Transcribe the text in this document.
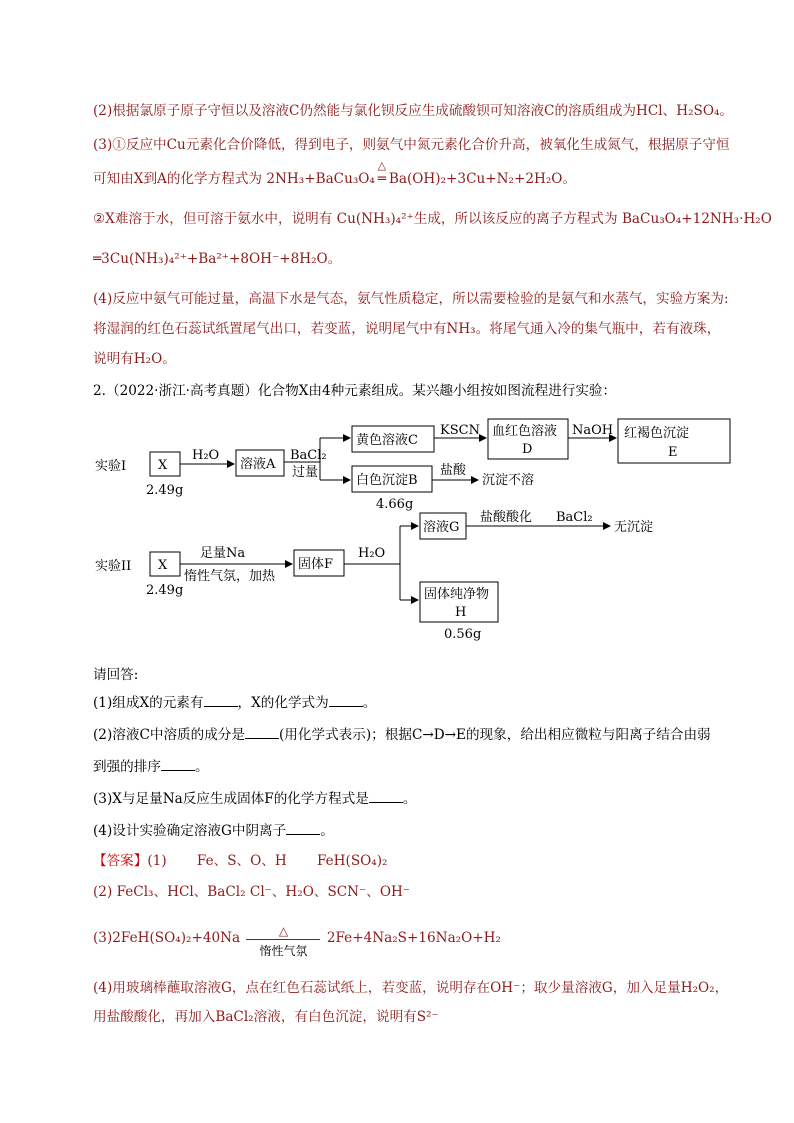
(2)根据氯原子原子守恒以及溶液C仍然能与氯化钡反应生成硫酸钡可知溶液C的溶质组成为HCl、H₂SO₄。
(3)①反应中Cu元素化合价降低，得到电子，则氨气中氮元素化合价升高，被氧化生成氮气，根据原子守恒
可知由X到A的化学方程式为 2NH₃+BaCu₃O₄
△
═ Ba(OH)₂+3Cu+N₂+2H₂O。
②X难溶于水，但可溶于氨水中，说明有 Cu(NH₃)₄²⁺生成，所以该反应的离子方程式为 BaCu₃O₄+12NH₃·H₂O
═3Cu(NH₃)₄²⁺+Ba²⁺+8OH⁻+8H₂O。
(4)反应中氨气可能过量，高温下水是气态，氨气性质稳定，所以需要检验的是氨气和水蒸气，实验方案为:
将湿润的红色石蕊试纸置尾气出口，若变蓝，说明尾气中有NH₃。将尾气通入冷的集气瓶中，若有液珠，
说明有H₂O。
2.（2022·浙江·高考真题）化合物X由4种元素组成。某兴趣小组按如图流程进行实验：
实验I X
2.49g
H₂O
溶液A
BaCl₂
过量
黄色溶液C
KSCN 血红色溶液
D
NaOH 红褐色沉淀
E
白色沉淀B
4.66g
盐酸
沉淀不溶
实验II X
2.49g
足量Na
惰性气氛，加热
固体F
H₂O
溶液G
盐酸酸化 BaCl₂
无沉淀
固体纯净物
H
0.56g
请回答:
(1)组成X的元素有	，X的化学式为	。
(2)溶液C中溶质的成分是	(用化学式表示)；根据C→D→E的现象，给出相应微粒与阳离子结合由弱
到强的排序	。
(3)X与足量Na反应生成固体F的化学方程式是	。
(4)设计实验确定溶液G中阴离子	。
【答案】(1)       Fe、S、O、H       FeH(SO₄)₂
(2) FeCl₃、HCl、BaCl₂ Cl⁻、H₂O、SCN⁻、OH⁻
(3)2FeH(SO₄)₂+40Na	△
惰性气氛
2Fe+4Na₂S+16Na₂O+H₂
(4)用玻璃棒蘸取溶液G，点在红色石蕊试纸上，若变蓝，说明存在OH⁻；取少量溶液G，加入足量H₂O₂，
用盐酸酸化，再加入BaCl₂溶液，有白色沉淀，说明有S²⁻
